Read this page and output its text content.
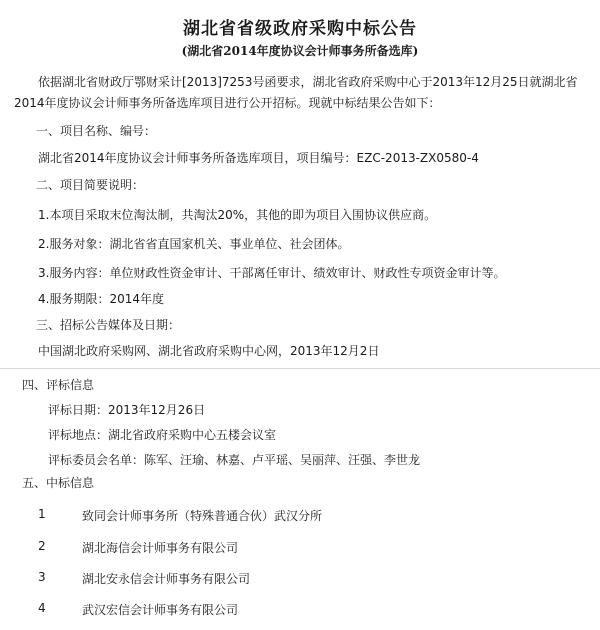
湖北省省级政府采购中标公告
(湖北省2014年度协议会计师事务所备选库)
依据湖北省财政厅鄂财采计[2013]7253号函要求，湖北省政府采购中心于2013年12月25日就湖北省2014年度协议会计师事务所备选库项目进行公开招标。现就中标结果公告如下：
一、项目名称、编号：
湖北省2014年度协议会计师事务所备选库项目，项目编号：EZC-2013-ZX0580-4
二、项目简要说明：
1.本项目采取末位淘汰制，共淘汰20%，其他的即为项目入围协议供应商。
2.服务对象：湖北省省直国家机关、事业单位、社会团体。
3.服务内容：单位财政性资金审计、干部离任审计、绩效审计、财政性专项资金审计等。
4.服务期限：2014年度
三、招标公告媒体及日期：
中国湖北政府采购网、湖北省政府采购中心网，2013年12月2日
四、评标信息
评标日期：2013年12月26日
评标地点：湖北省政府采购中心五楼会议室
评标委员会名单：陈军、汪瑜、林嘉、卢平瑶、吴丽萍、汪强、李世龙
五、中标信息
1	致同会计师事务所（特殊普通合伙）武汉分所
2	湖北海信会计师事务有限公司
3	湖北安永信会计师事务有限公司
4	武汉宏信会计师事务有限公司
